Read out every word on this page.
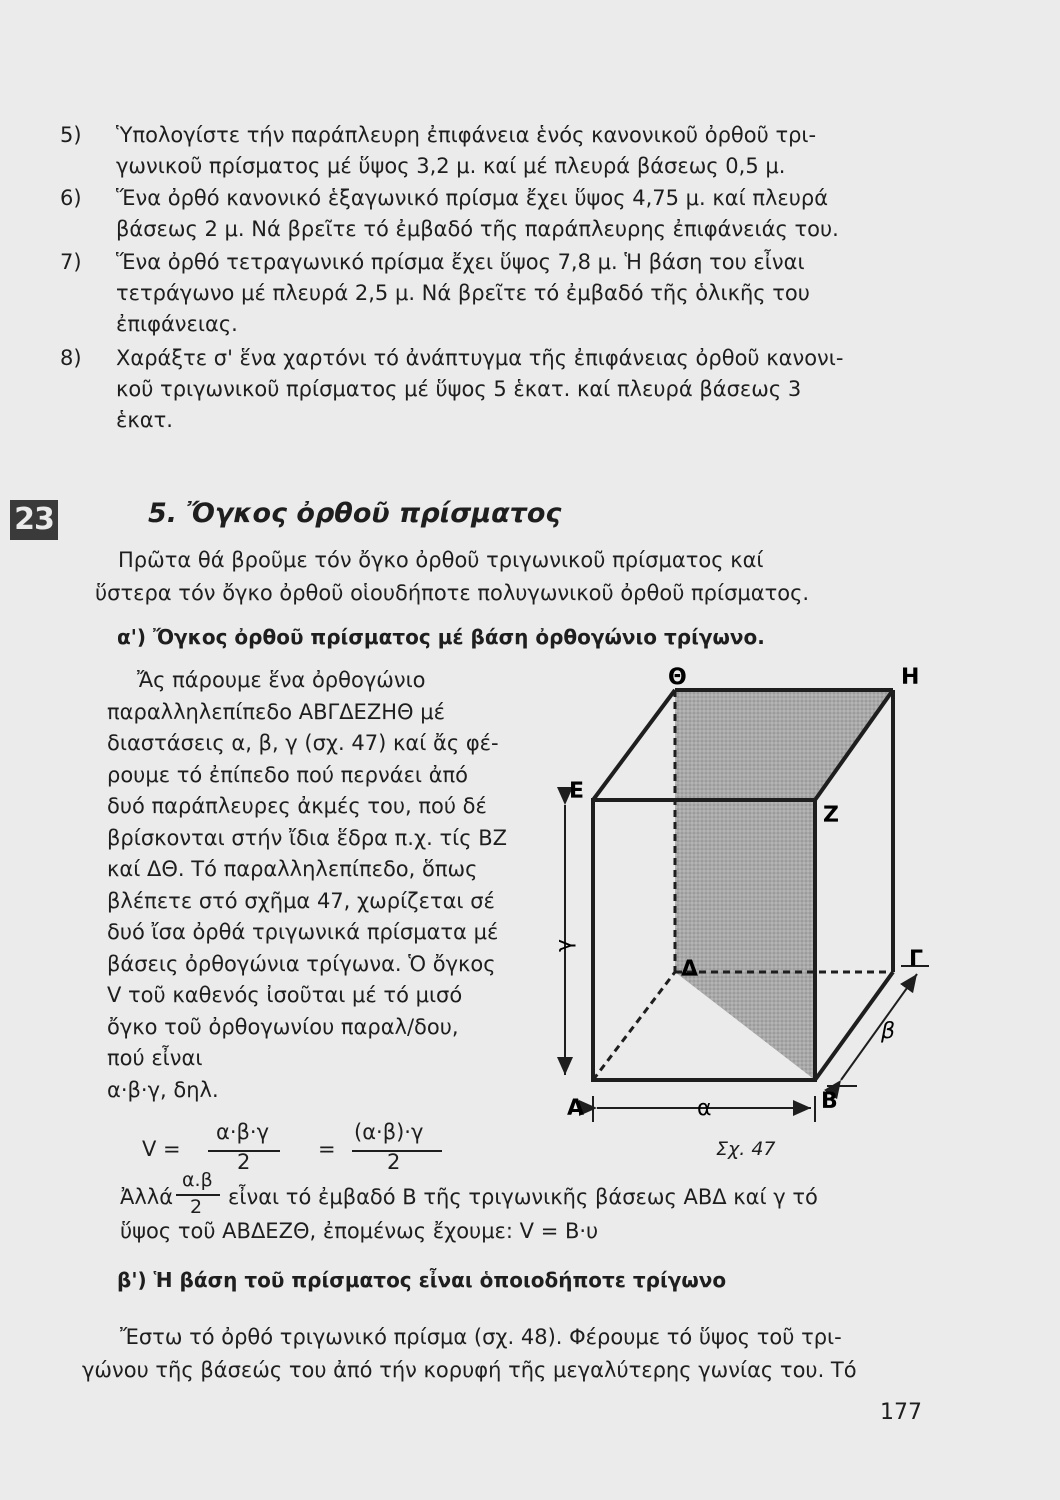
5)	Ὑπολογίστε τήν παράπλευρη ἐπιφάνεια ἑνός κανονικοῦ ὀρθοῦ τρι-

γωνικοῦ πρίσματος μέ ὕψος 3,2 μ. καί μέ πλευρά βάσεως 0,5 μ.

6)	Ἕνα ὀρθό κανονικό ἑξαγωνικό πρίσμα ἔχει ὕψος 4,75 μ. καί πλευρά

βάσεως 2 μ. Νά βρεῖτε τό ἐμβαδό τῆς παράπλευρης ἐπιφάνειάς του.

7)	Ἕνα ὀρθό τετραγωνικό πρίσμα ἔχει ὕψος 7,8 μ. Ἡ βάση του εἶναι

τετράγωνο μέ πλευρά 2,5 μ. Νά βρεῖτε τό ἐμβαδό τῆς ὁλικῆς του

ἐπιφάνειας.

8)	Χαράξτε σ' ἕνα χαρτόνι τό ἀνάπτυγμα τῆς ἐπιφάνειας ὀρθοῦ κανονι-

κοῦ τριγωνικοῦ πρίσματος μέ ὕψος 5 ἑκατ. καί πλευρά βάσεως 3

ἑκατ.

23	5. Ὄγκος ὀρθοῦ πρίσματος

Πρῶτα θά βροῦμε τόν ὄγκο ὀρθοῦ τριγωνικοῦ πρίσματος καί

ὕστερα τόν ὄγκο ὀρθοῦ οἱουδήποτε πολυγωνικοῦ ὀρθοῦ πρίσματος.

α') Ὄγκος ὀρθοῦ πρίσματος μέ βάση ὀρθογώνιο τρίγωνο.

Ἄς πάρουμε ἕνα ὀρθογώνιο

παραλληλεπίπεδο ΑΒΓΔΕΖΗΘ μέ

διαστάσεις α, β, γ (σχ. 47) καί ἄς φέ-

ρουμε τό ἐπίπεδο πού περνάει ἀπό

δυό παράπλευρες ἀκμές του, πού δέ

βρίσκονται στήν ἴδια ἕδρα π.χ. τίς ΒΖ

καί ΔΘ. Τό παραλληλεπίπεδο, ὅπως

βλέπετε στό σχῆμα 47, χωρίζεται σέ

δυό ἴσα ὀρθά τριγωνικά πρίσματα μέ

βάσεις ὀρθογώνια τρίγωνα. Ὁ ὄγκος

V τοῦ καθενός ἰσοῦται μέ τό μισό

ὄγκο τοῦ ὀρθογωνίου παραλ/δου,

πού εἶναι

α·β·γ, δηλ.

V =
α·β·γ
2
=
(α·β)·γ
2
Ἀλλά
α.β
2 εἶναι τό ἐμβαδό Β τῆς τριγωνικῆς βάσεως ΑΒΔ καί γ τό

ὕψος τοῦ ΑΒΔΕΖΘ, ἐπομένως ἔχουμε: V = Β·υ

β') Ἡ βάση τοῦ πρίσματος εἶναι ὁποιοδήποτε τρίγωνο

Ἔστω τό ὀρθό τριγωνικό πρίσμα (σχ. 48). Φέρουμε τό ὕψος τοῦ τρι-

γώνου τῆς βάσεώς του ἀπό τήν κορυφή τῆς μεγαλύτερης γωνίας του. Τό

Θ	Η
Ε
Ζ
Δ	Γ
Α	Β
α
β
γ
Σχ. 47
177
